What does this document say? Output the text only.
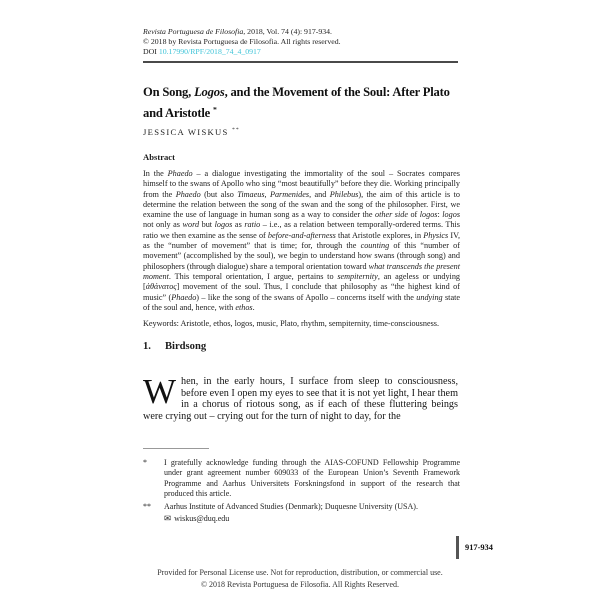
Revista Portuguesa de Filosofia, 2018, Vol. 74 (4): 917-934.
© 2018 by Revista Portuguesa de Filosofia. All rights reserved.
DOI 10.17990/RPF/2018_74_4_0917
On Song, Logos, and the Movement of the Soul: After Plato and Aristotle *
JESSICA WISKUS **
Abstract

In the Phaedo – a dialogue investigating the immortality of the soul – Socrates compares himself to the swans of Apollo who sing “most beautifully” before they die. Working principally from the Phaedo (but also Timaeus, Parmenides, and Philebus), the aim of this article is to determine the relation between the song of the swan and the song of the philosopher. First, we examine the use of language in human song as a way to consider the other side of logos: logos not only as word but logos as ratio – i.e., as a relation between temporally-ordered terms. This ratio we then examine as the sense of before-and-afterness that Aristotle explores, in Physics IV, as the “number of movement” that is time; for, through the counting of this “number of movement” (accomplished by the soul), we begin to understand how swans (through song) and philosophers (through dialogue) share a temporal orientation toward what transcends the present moment. This temporal orientation, I argue, pertains to sempiternity, an ageless or undying [ἀθάνατος] movement of the soul. Thus, I conclude that philosophy as “the highest kind of music” (Phaedo) – like the song of the swans of Apollo – concerns itself with the undying state of the soul and, hence, with ethos.

Keywords: Aristotle, ethos, logos, music, Plato, rhythm, sempiternity, time-consciousness.

1. Birdsong

When, in the early hours, I surface from sleep to consciousness, before even I open my eyes to see that it is not yet light, I hear them in a chorus of riotous song, as if each of these fluttering beings were crying out – crying out for the turn of night to day, for the

*	I gratefully acknowledge funding through the AIAS-COFUND Fellowship Programme under grant agreement number 609033 of the European Union’s Seventh Framework Programme and Aarhus Universitets Forskningsfond in support of the research that produced this article.
**	Aarhus Institute of Advanced Studies (Denmark); Duquesne University (USA).
✉ wiskus@duq.edu
917-934
Provided for Personal License use. Not for reproduction, distribution, or commercial use.
© 2018 Revista Portuguesa de Filosofia. All Rights Reserved.
